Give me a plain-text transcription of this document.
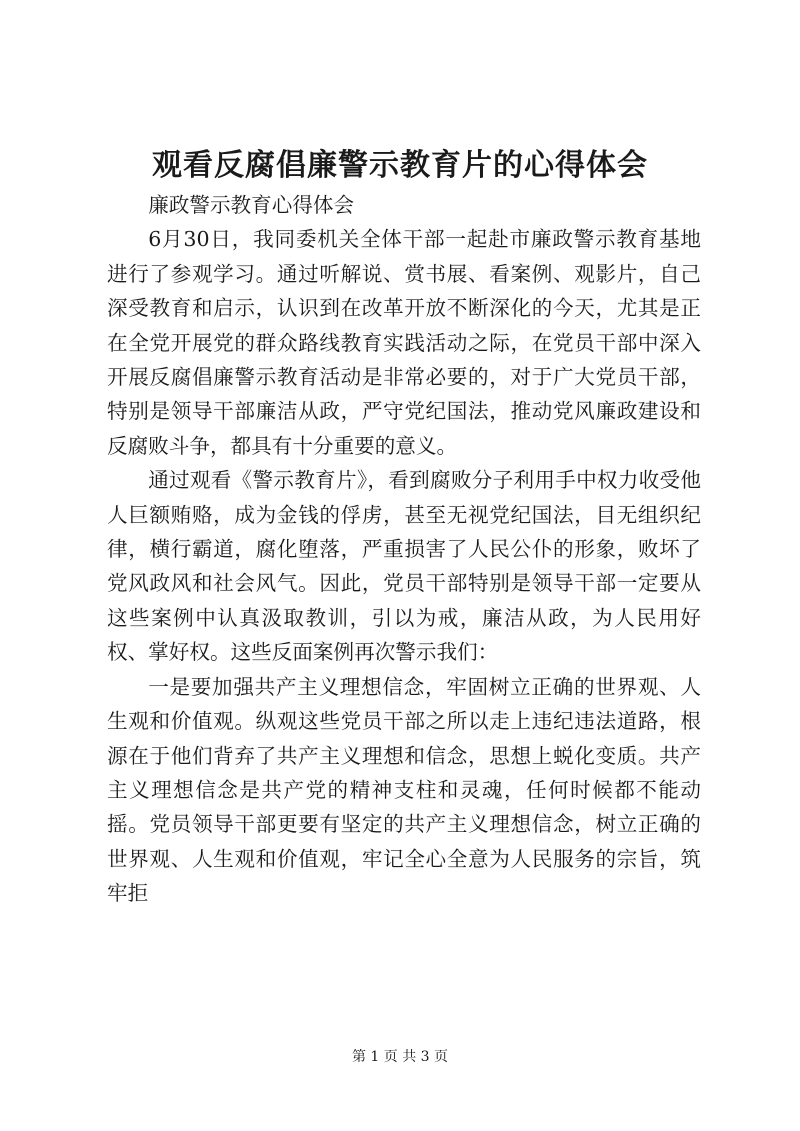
观看反腐倡廉警示教育片的心得体会

廉政警示教育心得体会

6月30日，我同委机关全体干部一起赴市廉政警示教育基地进行了参观学习。通过听解说、赏书展、看案例、观影片，自己深受教育和启示，认识到在改革开放不断深化的今天，尤其是正在全党开展党的群众路线教育实践活动之际，在党员干部中深入开展反腐倡廉警示教育活动是非常必要的，对于广大党员干部，特别是领导干部廉洁从政，严守党纪国法，推动党风廉政建设和反腐败斗争，都具有十分重要的意义。

通过观看《警示教育片》，看到腐败分子利用手中权力收受他人巨额贿赂，成为金钱的俘虏，甚至无视党纪国法，目无组织纪律，横行霸道，腐化堕落，严重损害了人民公仆的形象，败坏了党风政风和社会风气。因此，党员干部特别是领导干部一定要从这些案例中认真汲取教训，引以为戒，廉洁从政，为人民用好权、掌好权。这些反面案例再次警示我们：

一是要加强共产主义理想信念，牢固树立正确的世界观、人生观和价值观。纵观这些党员干部之所以走上违纪违法道路，根源在于他们背弃了共产主义理想和信念，思想上蜕化变质。共产主义理想信念是共产党的精神支柱和灵魂，任何时候都不能动摇。党员领导干部更要有坚定的共产主义理想信念，树立正确的世界观、人生观和价值观，牢记全心全意为人民服务的宗旨，筑牢拒

第 1 页 共 3 页
